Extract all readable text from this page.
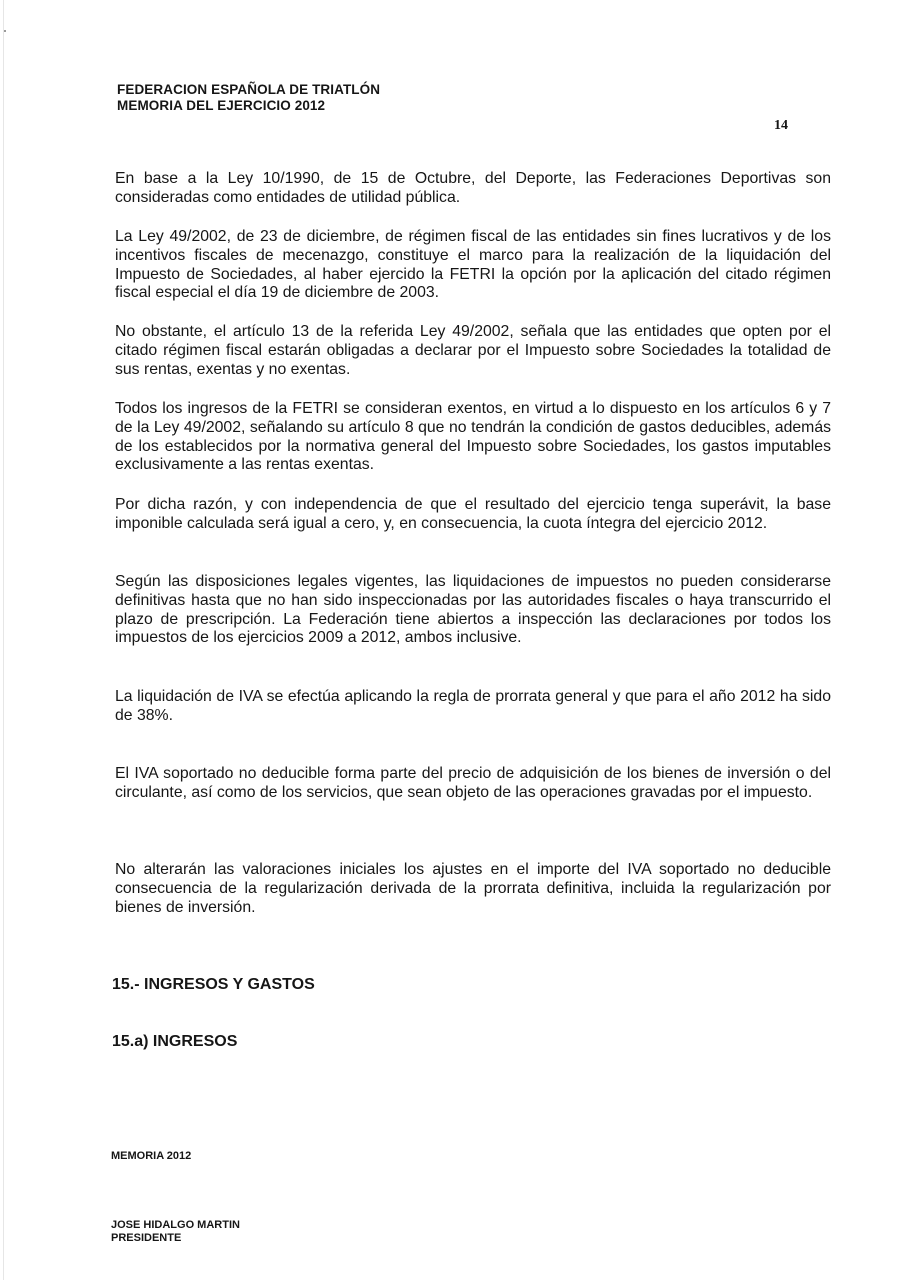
FEDERACION ESPAÑOLA DE TRIATLÓN
MEMORIA DEL EJERCICIO 2012
14

En base a la Ley 10/1990, de 15 de Octubre, del Deporte, las Federaciones Deportivas son consideradas como entidades de utilidad pública.

La Ley 49/2002, de 23 de diciembre, de régimen fiscal de las entidades sin fines lucrativos y de los incentivos fiscales de mecenazgo, constituye el marco para la realización de la liquidación del Impuesto de Sociedades, al haber ejercido la FETRI la opción por la aplicación del citado régimen fiscal especial el día 19 de diciembre de 2003.

No obstante, el artículo 13 de la referida Ley 49/2002, señala que las entidades que opten por el citado régimen fiscal estarán obligadas a declarar por el Impuesto sobre Sociedades la totalidad de sus rentas, exentas y no exentas.

Todos los ingresos de la FETRI se consideran exentos, en virtud a lo dispuesto en los artículos 6 y 7 de la Ley 49/2002, señalando su artículo 8 que no tendrán la condición de gastos deducibles, además de los establecidos por la normativa general del Impuesto sobre Sociedades, los gastos imputables exclusivamente a las rentas exentas.

Por dicha razón, y con independencia de que el resultado del ejercicio tenga superávit, la base imponible calculada será igual a cero, y, en consecuencia, la cuota íntegra del ejercicio 2012.

Según las disposiciones legales vigentes, las liquidaciones de impuestos no pueden considerarse definitivas hasta que no han sido inspeccionadas por las autoridades fiscales o haya transcurrido el plazo de prescripción. La Federación tiene abiertos a inspección las declaraciones por todos los impuestos de los ejercicios 2009 a 2012, ambos inclusive.

La liquidación de IVA se efectúa aplicando la regla de prorrata general y que para el año 2012 ha sido de 38%.

El IVA soportado no deducible forma parte del precio de adquisición de los bienes de inversión o del circulante, así como de los servicios, que sean objeto de las operaciones gravadas por el impuesto.

No alterarán las valoraciones iniciales los ajustes en el importe del IVA soportado no deducible consecuencia de la regularización derivada de la prorrata definitiva, incluida la regularización por bienes de inversión.

15.- INGRESOS Y GASTOS
15.a) INGRESOS
MEMORIA 2012
JOSE HIDALGO MARTIN
PRESIDENTE
